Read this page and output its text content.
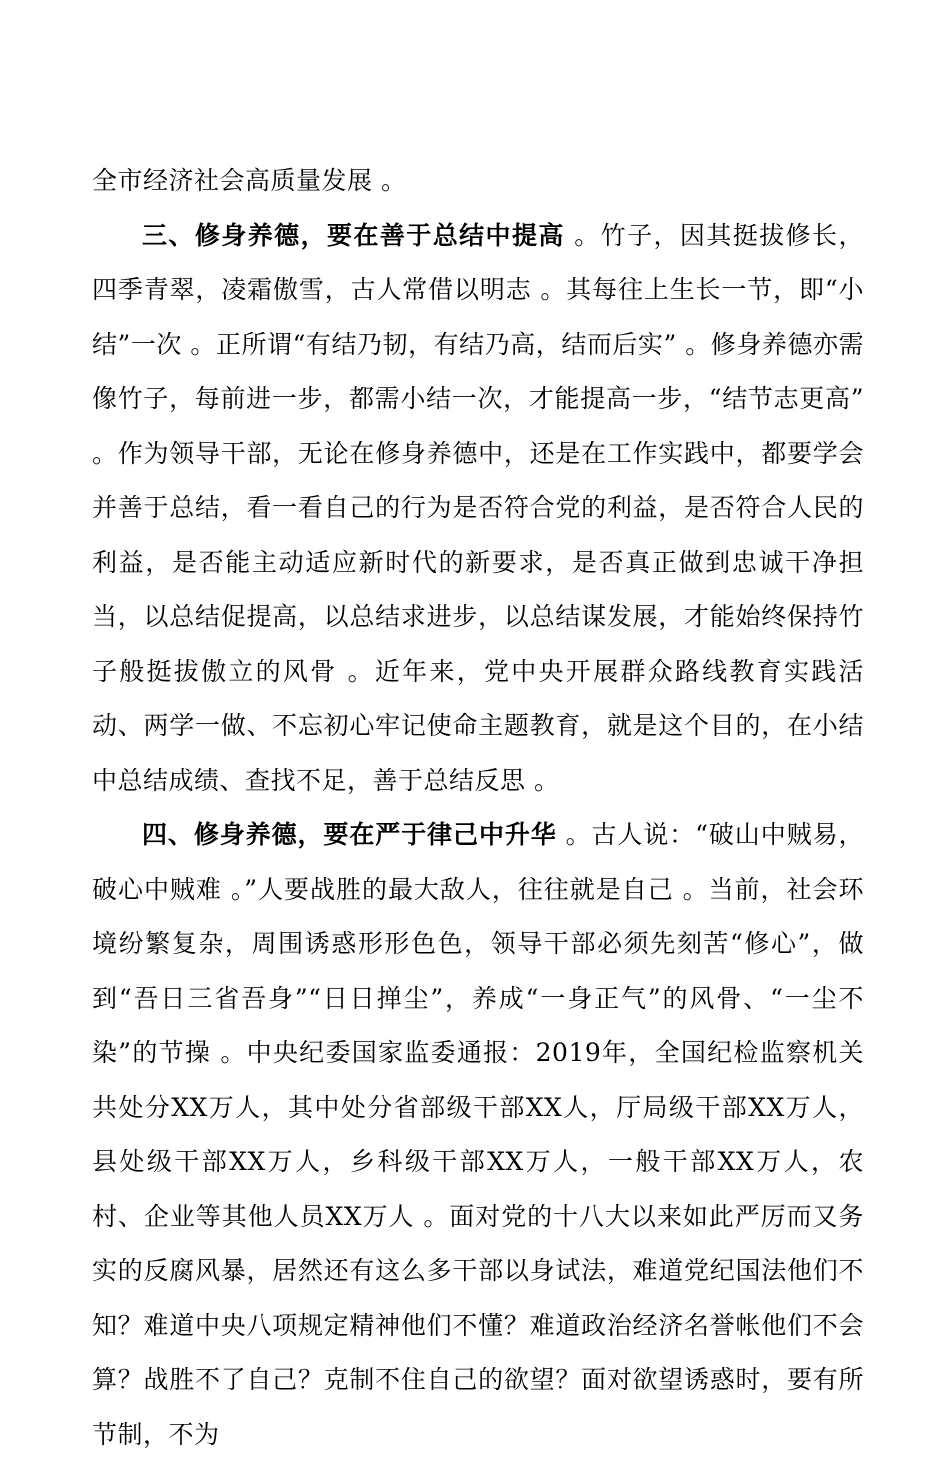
全市经济社会高质量发展 。

三、修身养德，要在善于总结中提高 。竹子，因其挺拔修长，四季青翠，凌霜傲雪，古人常借以明志 。其每往上生长一节，即“小结”一次 。正所谓“有结乃韧，有结乃高，结而后实” 。修身养德亦需像竹子，每前进一步，都需小结一次，才能提高一步，“结节志更高” 。作为领导干部，无论在修身养德中，还是在工作实践中，都要学会并善于总结，看一看自己的行为是否符合党的利益，是否符合人民的利益，是否能主动适应新时代的新要求，是否真正做到忠诚干净担当，以总结促提高，以总结求进步，以总结谋发展，才能始终保持竹子般挺拔傲立的风骨 。近年来，党中央开展群众路线教育实践活动、两学一做、不忘初心牢记使命主题教育，就是这个目的，在小结中总结成绩、查找不足，善于总结反思 。

四、修身养德，要在严于律己中升华 。古人说：“破山中贼易，破心中贼难 。”人要战胜的最大敌人，往往就是自己 。当前，社会环境纷繁复杂，周围诱惑形形色色，领导干部必须先刻苦“修心”，做到“吾日三省吾身”“日日掸尘”，养成“一身正气”的风骨、“一尘不染”的节操 。中央纪委国家监委通报：2019年，全国纪检监察机关共处分XX万人，其中处分省部级干部XX人，厅局级干部XX万人，县处级干部XX万人，乡科级干部XX万人，一般干部XX万人，农村、企业等其他人员XX万人 。面对党的十八大以来如此严厉而又务实的反腐风暴，居然还有这么多干部以身试法，难道党纪国法他们不知？难道中央八项规定精神他们不懂？难道政治经济名誉帐他们不会算？战胜不了自己？克制不住自己的欲望？面对欲望诱惑时，要有所节制，不为
